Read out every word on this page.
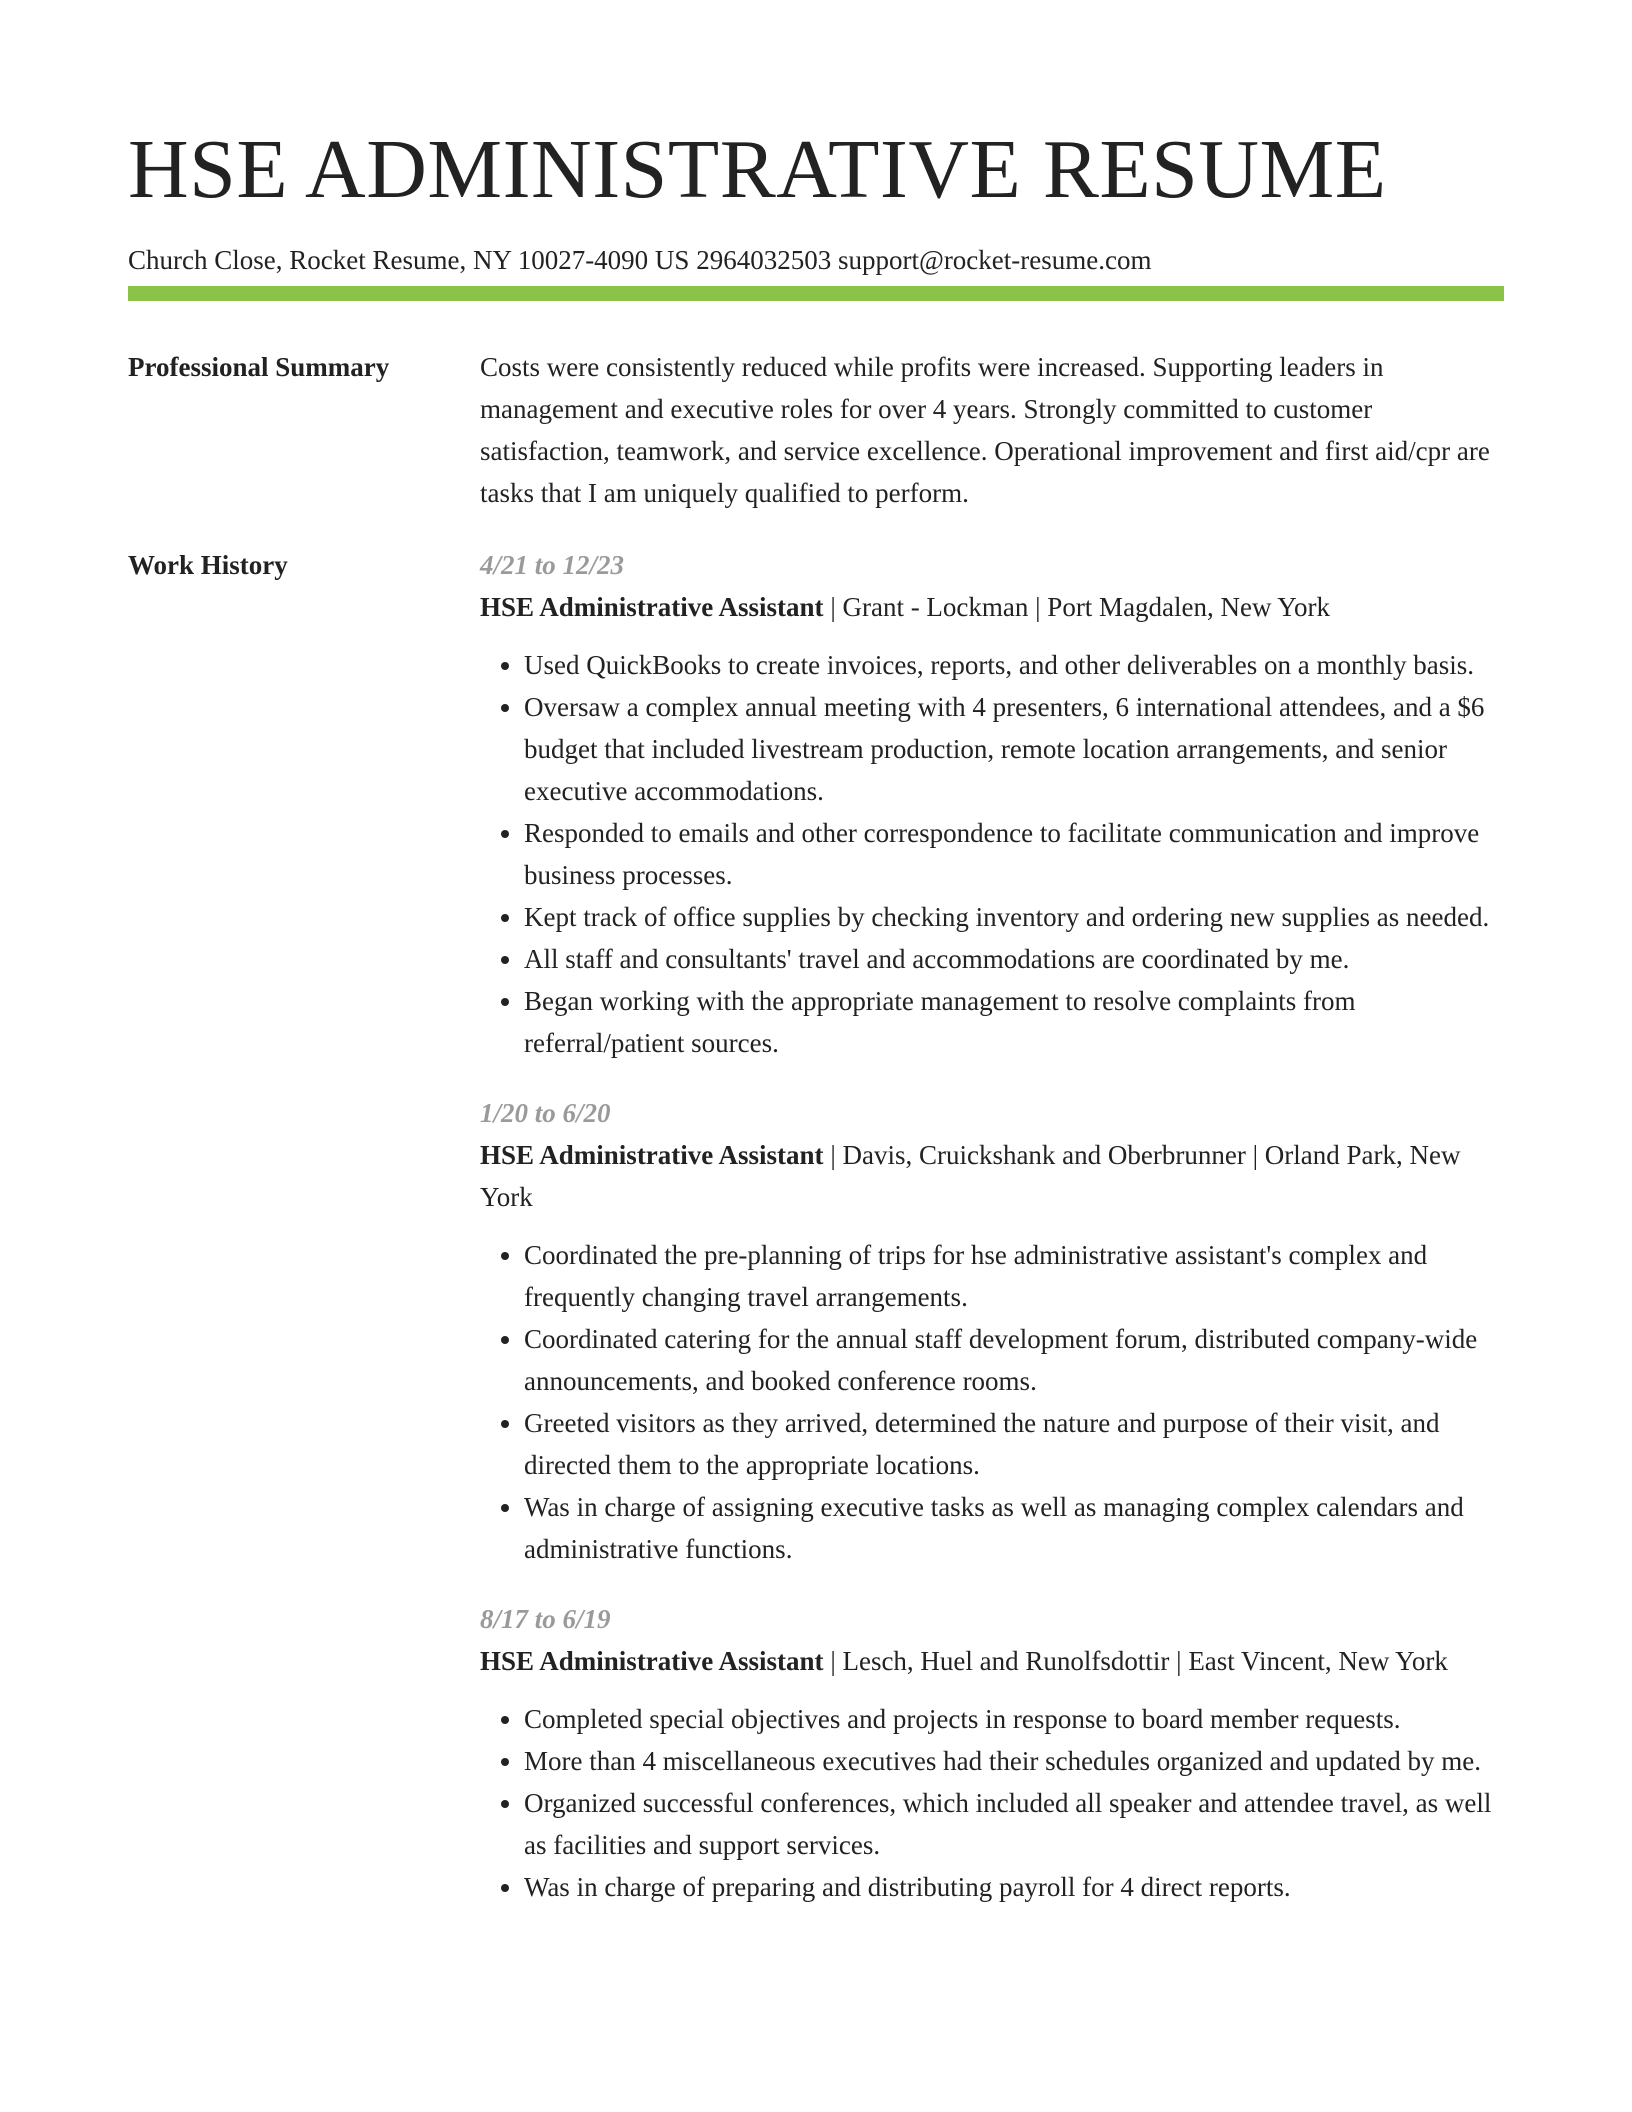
HSE ADMINISTRATIVE RESUME
Church Close, Rocket Resume, NY 10027-4090 US 2964032503 support@rocket-resume.com
Professional Summary	Costs were consistently reduced while profits were increased. Supporting leaders in management and executive roles for over 4 years. Strongly committed to customer satisfaction, teamwork, and service excellence. Operational improvement and first aid/cpr are tasks that I am uniquely qualified to perform.

Work History	4/21 to 12/23
HSE Administrative Assistant | Grant - Lockman | Port Magdalen, New York
• Used QuickBooks to create invoices, reports, and other deliverables on a monthly basis.
• Oversaw a complex annual meeting with 4 presenters, 6 international attendees, and a $6 budget that included livestream production, remote location arrangements, and senior executive accommodations.
• Responded to emails and other correspondence to facilitate communication and improve business processes.
• Kept track of office supplies by checking inventory and ordering new supplies as needed.
• All staff and consultants' travel and accommodations are coordinated by me.
• Began working with the appropriate management to resolve complaints from referral/patient sources.
1/20 to 6/20
HSE Administrative Assistant | Davis, Cruickshank and Oberbrunner | Orland Park, New York
• Coordinated the pre-planning of trips for hse administrative assistant's complex and frequently changing travel arrangements.
• Coordinated catering for the annual staff development forum, distributed company-wide announcements, and booked conference rooms.
• Greeted visitors as they arrived, determined the nature and purpose of their visit, and directed them to the appropriate locations.
• Was in charge of assigning executive tasks as well as managing complex calendars and administrative functions.
8/17 to 6/19
HSE Administrative Assistant | Lesch, Huel and Runolfsdottir | East Vincent, New York
• Completed special objectives and projects in response to board member requests.
• More than 4 miscellaneous executives had their schedules organized and updated by me.
• Organized successful conferences, which included all speaker and attendee travel, as well as facilities and support services.
• Was in charge of preparing and distributing payroll for 4 direct reports.
